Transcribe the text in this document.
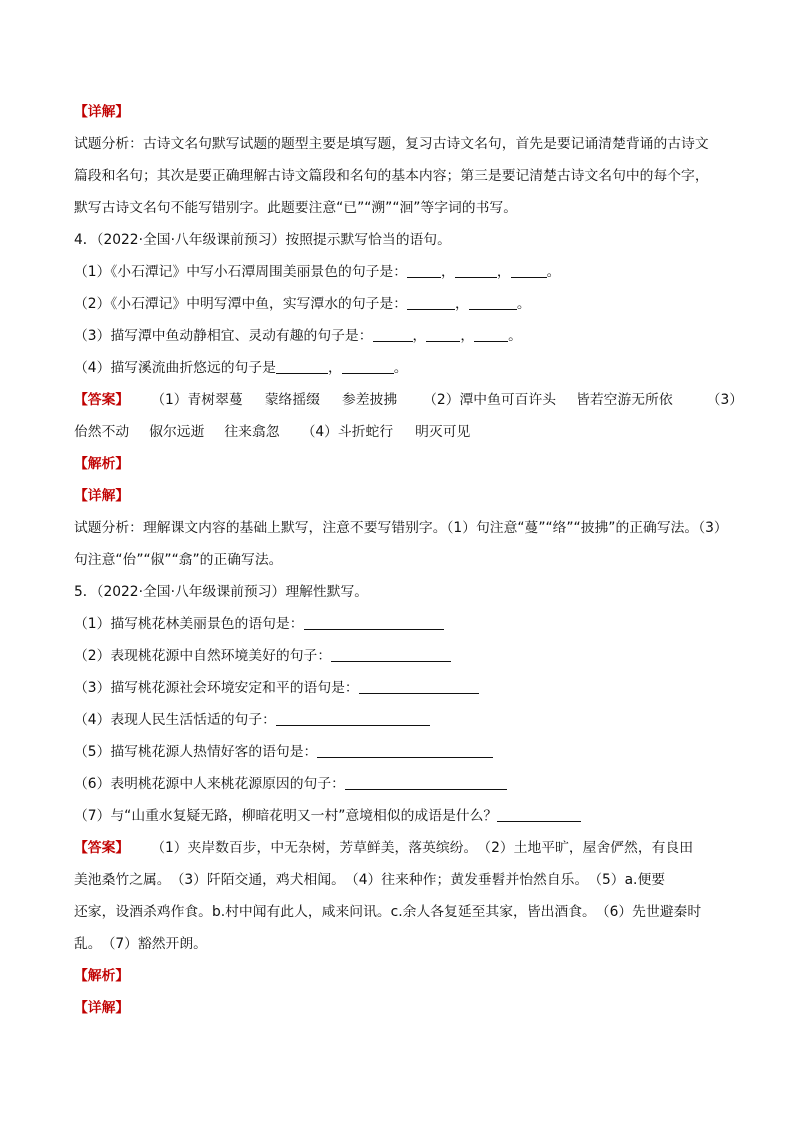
【详解】
试题分析：古诗文名句默写试题的题型主要是填写题，复习古诗文名句，首先是要记诵清楚背诵的古诗文
篇段和名句；其次是要正确理解古诗文篇段和名句的基本内容；第三是要记清楚古诗文名句中的每个字，
默写古诗文名句不能写错别字。此题要注意“已”“溯”“洄”等字词的书写。
4．（2022·全国·八年级课前预习）按照提示默写恰当的语句。
（1）《小石潭记》中写小石潭周围美丽景色的句子是： ，	，	。
（2）《小石潭记》中明写潭中鱼，实写潭水的句子是：	，	。
（3）描写潭中鱼动静相宜、灵动有趣的句子是：	， ， 。
（4）描写溪流曲折悠远的句子是	，	。
【答案】 （1）青树翠蔓 蒙络摇缀 参差披拂 （2）潭中鱼可百许头 皆若空游无所依 （3）
佁然不动 俶尔远逝 往来翕忽 （4）斗折蛇行 明灭可见
【解析】
【详解】
试题分析：理解课文内容的基础上默写，注意不要写错别字。（1）句注意“蔓”“络”“披拂”的正确写法。（3）
句注意“佁”“俶”“翕”的正确写法。
5．（2022·全国·八年级课前预习）理解性默写。
（1）描写桃花林美丽景色的语句是：
（2）表现桃花源中自然环境美好的句子：
（3）描写桃花源社会环境安定和平的语句是：
（4）表现人民生活恬适的句子：
（5）描写桃花源人热情好客的语句是：
（6）表明桃花源中人来桃花源原因的句子：
（7）与“山重水复疑无路，柳暗花明又一村”意境相似的成语是什么？
【答案】 （1）夹岸数百步，中无杂树，芳草鲜美，落英缤纷。　（2）土地平旷，屋舍俨然，有良田
美池桑竹之属。　（3）阡陌交通，鸡犬相闻。　（4）往来种作；黄发垂髫并怡然自乐。　（5）a.便要
还家，设酒杀鸡作食。b.村中闻有此人，咸来问讯。c.余人各复延至其家，皆出酒食。　（6）先世避秦时
乱。　（7）豁然开朗。
【解析】
【详解】
